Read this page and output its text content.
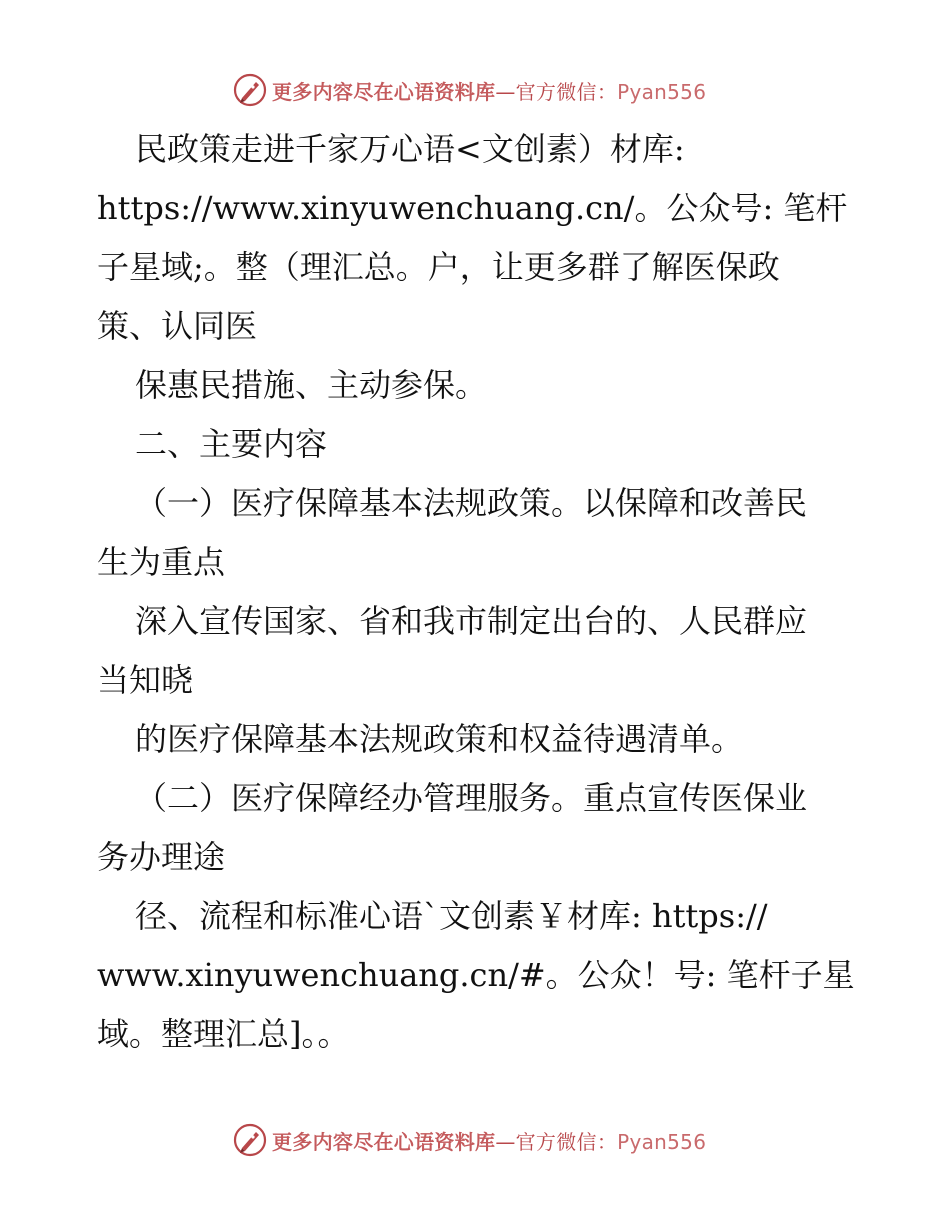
更多内容尽在心语资料库—官方微信：Pyan556
民政策走进千家万心语<文创素）材库:
https://www.xinyuwenchuang.cn/。公众号: 笔杆
子星域;。整（理汇总。户，让更多群了解医保政
策、认同医
保惠民措施、主动参保。
二、主要内容
（一）医疗保障基本法规政策。以保障和改善民
生为重点
深入宣传国家、省和我市制定出台的、人民群应
当知晓
的医疗保障基本法规政策和权益待遇清单。
（二）医疗保障经办管理服务。重点宣传医保业
务办理途
径、流程和标准心语`文创素￥材库: https://
www.xinyuwenchuang.cn/#。公众！号: 笔杆子星
域。整理汇总]。。
更多内容尽在心语资料库—官方微信：Pyan556
